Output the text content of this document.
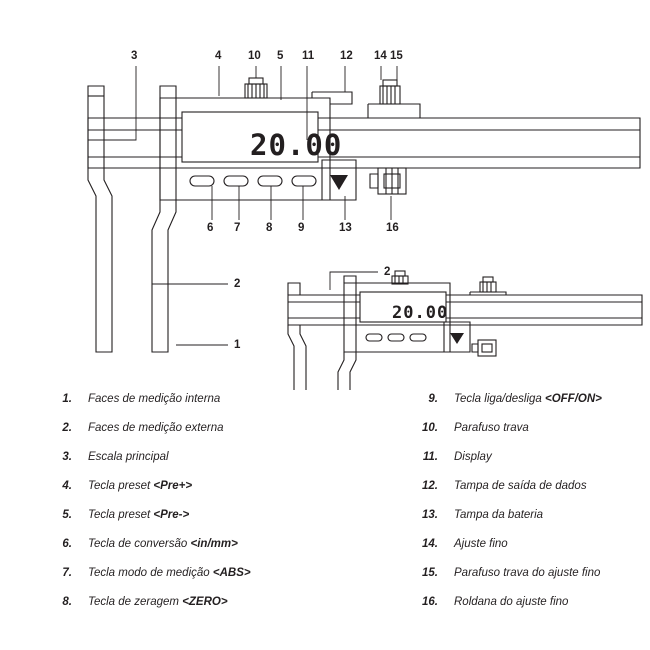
20.00
20.00
3	4 10 5 11 12 14 15
6 7 8 9	13	16
2
1
2
1.	Faces de medição interna
2.	Faces de medição externa
3.	Escala principal
4.	Tecla preset <Pre+>
5.	Tecla preset <Pre->
6.	Tecla de conversão <in/mm>
7.	Tecla modo de medição <ABS>
8.	Tecla de zeragem <ZERO>
9.	Tecla liga/desliga <OFF/ON>
10.	Parafuso trava
11.	Display
12.	Tampa de saída de dados
13.	Tampa da bateria
14.	Ajuste fino
15.	Parafuso trava do ajuste fino
16.	Roldana do ajuste fino
